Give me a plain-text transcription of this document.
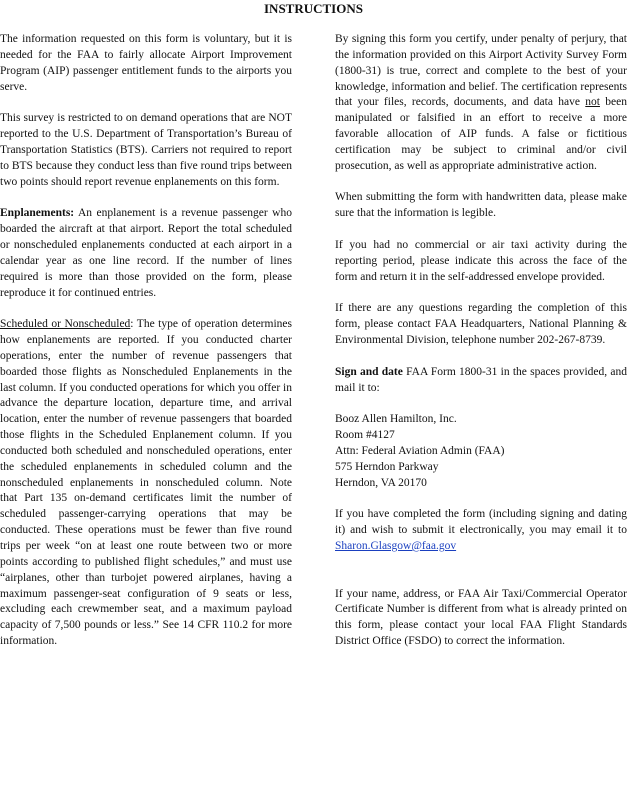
INSTRUCTIONS

The information requested on this form is voluntary, but it is needed for the FAA to fairly allocate Airport Improvement Program (AIP) passenger entitlement funds to the airports you serve.

This survey is restricted to on demand operations that are NOT reported to the U.S. Department of Transportation’s Bureau of Transportation Statistics (BTS). Carriers not required to report to BTS because they conduct less than five round trips between two points should report revenue enplanements on this form.

Enplanements: An enplanement is a revenue passenger who boarded the aircraft at that airport. Report the total scheduled or nonscheduled enplanements conducted at each airport in a calendar year as one line record. If the number of lines required is more than those provided on the form, please reproduce it for continued entries.

Scheduled or Nonscheduled: The type of operation determines how enplanements are reported. If you conducted charter operations, enter the number of revenue passengers that boarded those flights as Nonscheduled Enplanements in the last column. If you conducted operations for which you offer in advance the departure location, departure time, and arrival location, enter the number of revenue passengers that boarded those flights in the Scheduled Enplanement column. If you conducted both scheduled and nonscheduled operations, enter the scheduled enplanements in scheduled column and the nonscheduled enplanements in nonscheduled column. Note that Part 135 on-demand certificates limit the number of scheduled passenger-carrying operations that may be conducted. These operations must be fewer than five round trips per week “on at least one route between two or more points according to published flight schedules,” and must use “airplanes, other than turbojet powered airplanes, having a maximum passenger-seat configuration of 9 seats or less, excluding each crewmember seat, and a maximum payload capacity of 7,500 pounds or less.” See 14 CFR 110.2 for more information.

By signing this form you certify, under penalty of perjury, that the information provided on this Airport Activity Survey Form (1800-31) is true, correct and complete to the best of your knowledge, information and belief. The certification represents that your files, records, documents, and data have not been manipulated or falsified in an effort to receive a more favorable allocation of AIP funds. A false or fictitious certification may be subject to criminal and/or civil prosecution, as well as appropriate administrative action.

When submitting the form with handwritten data, please make sure that the information is legible.

If you had no commercial or air taxi activity during the reporting period, please indicate this across the face of the form and return it in the self-addressed envelope provided.

If there are any questions regarding the completion of this form, please contact FAA Headquarters, National Planning & Environmental Division, telephone number 202-267-8739.

Sign and date FAA Form 1800-31 in the spaces provided, and mail it to:

Booz Allen Hamilton, Inc.
Room #4127
Attn: Federal Aviation Admin (FAA)
575 Herndon Parkway
Herndon, VA 20170

If you have completed the form (including signing and dating it) and wish to submit it electronically, you may email it to Sharon.Glasgow@faa.gov

If your name, address, or FAA Air Taxi/Commercial Operator Certificate Number is different from what is already printed on this form, please contact your local FAA Flight Standards District Office (FSDO) to correct the information.
